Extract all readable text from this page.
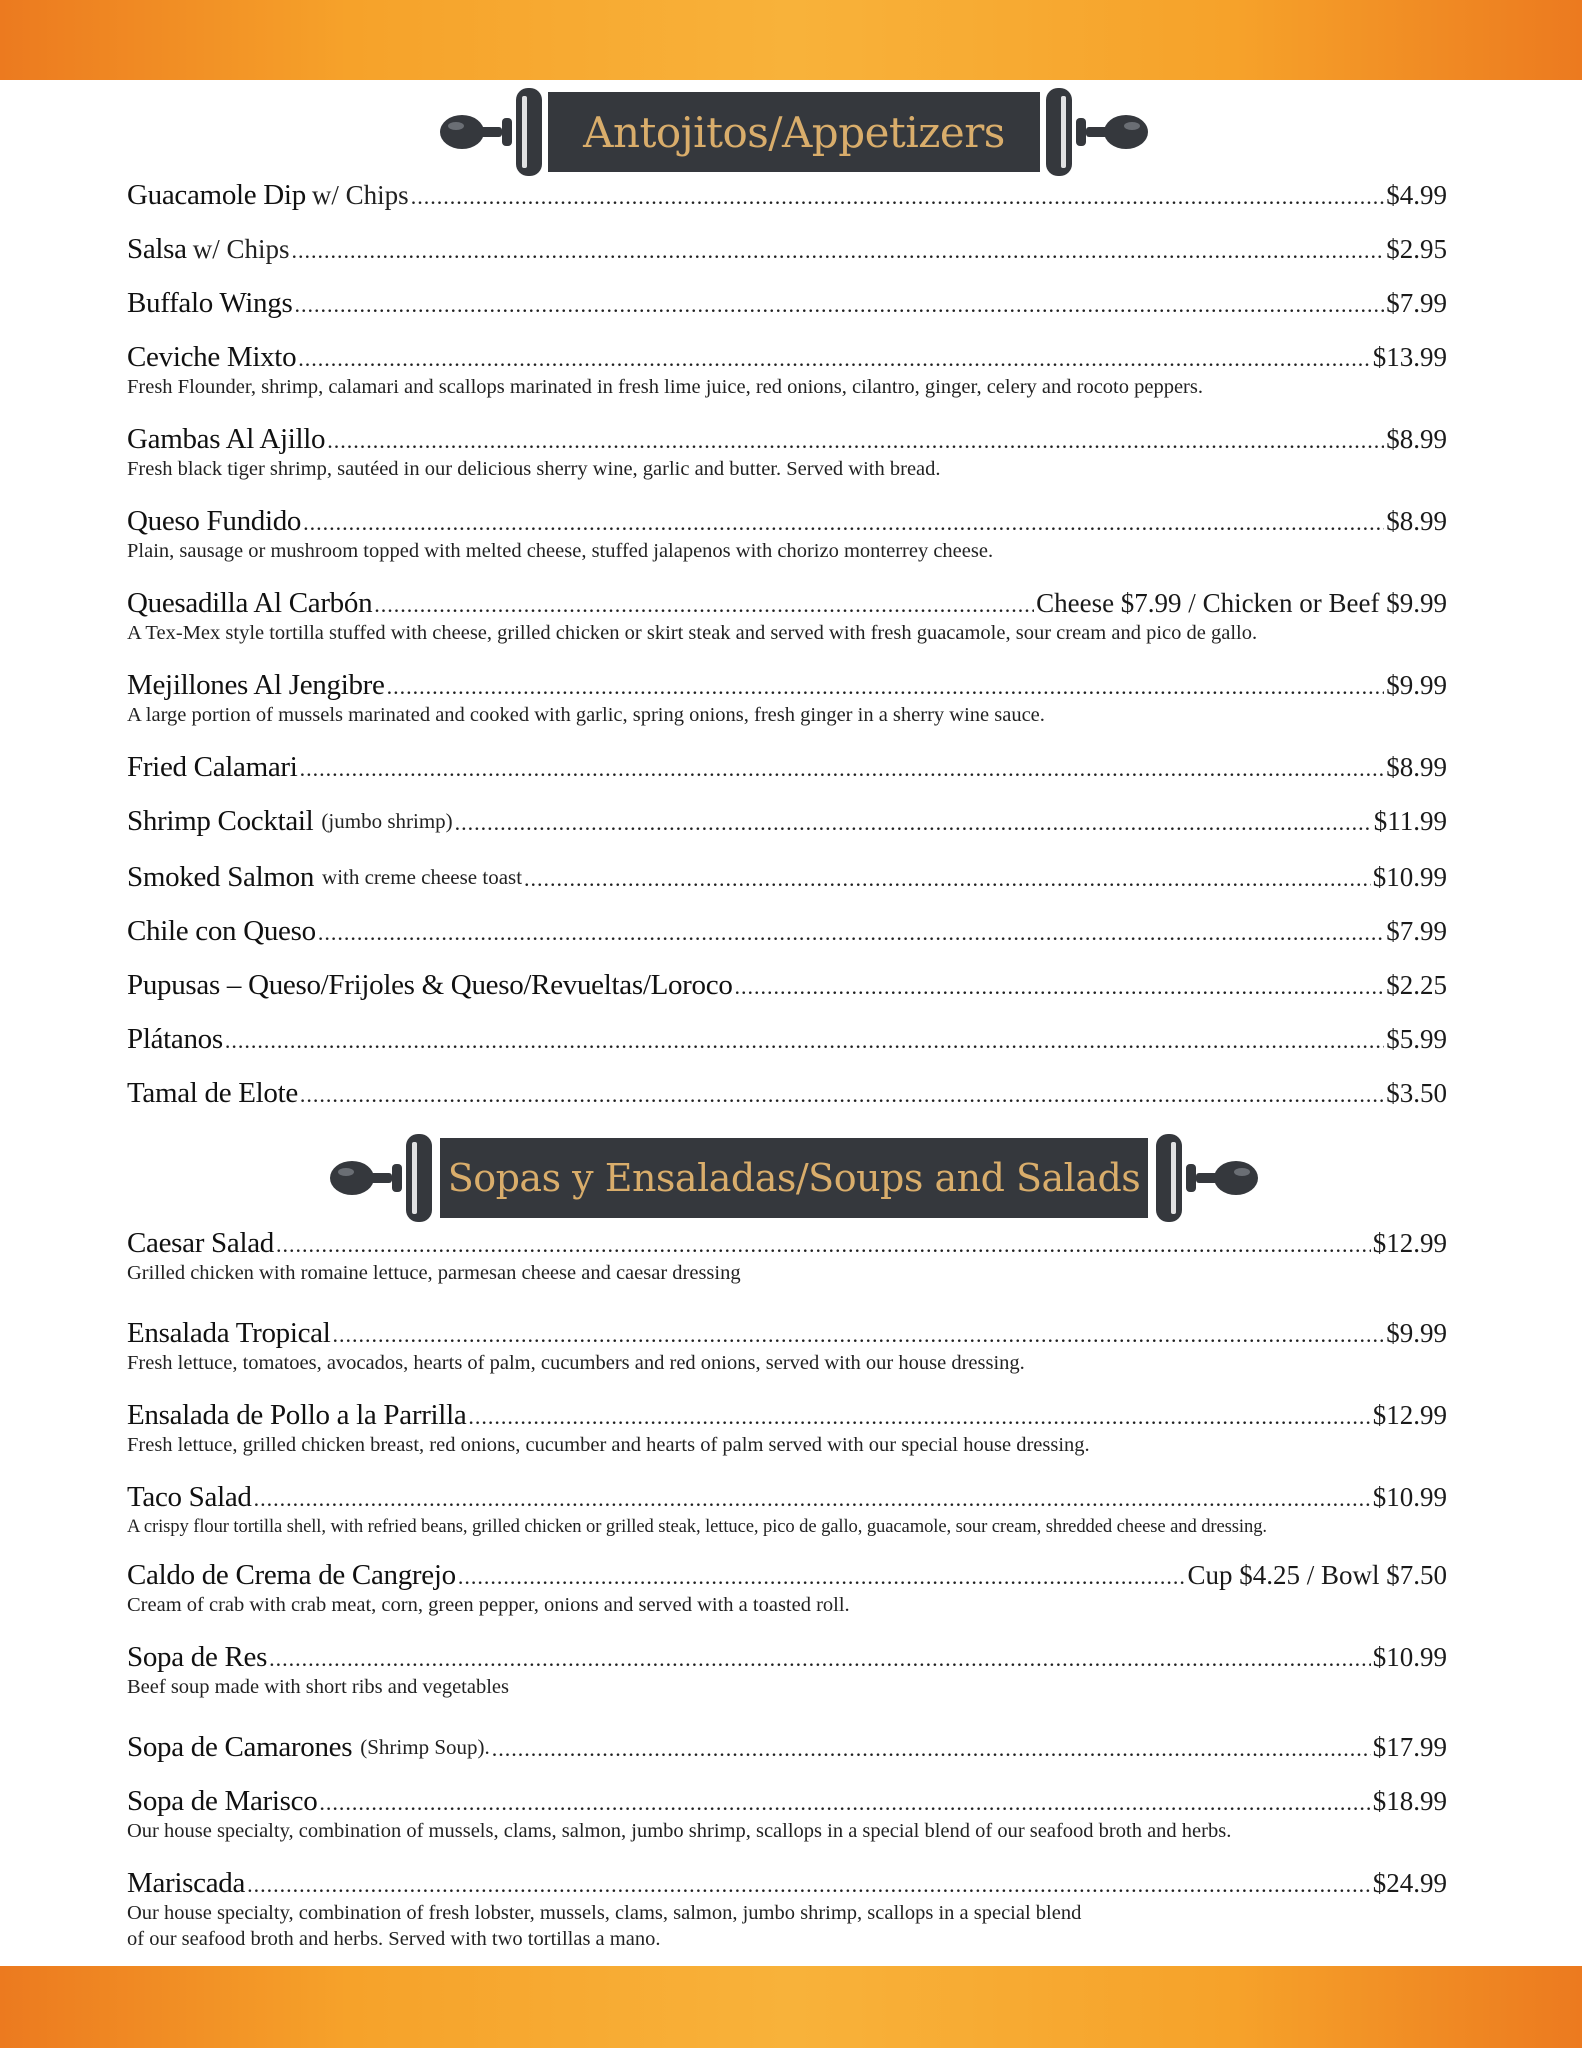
Antojitos/Appetizers
Guacamole Dip w/ Chips .....	$4.99
Salsa w/ Chips .....	$2.95
Buffalo Wings .....	$7.99
Ceviche Mixto .....	$13.99
Fresh Flounder, shrimp, calamari and scallops marinated in fresh lime juice, red onions, cilantro, ginger, celery and rocoto peppers.
Gambas Al Ajillo .....	$8.99
Fresh black tiger shrimp, sautéed in our delicious sherry wine, garlic and butter. Served with bread.
Queso Fundido .....	$8.99
Plain, sausage or mushroom topped with melted cheese, stuffed jalapenos with chorizo monterrey cheese.
Quesadilla Al Carbón .....	Cheese $7.99 / Chicken or Beef $9.99
A Tex-Mex style tortilla stuffed with cheese, grilled chicken or skirt steak and served with fresh guacamole, sour cream and pico de gallo.
Mejillones Al Jengibre .....	$9.99
A large portion of mussels marinated and cooked with garlic, spring onions, fresh ginger in a sherry wine sauce.
Fried Calamari .....	$8.99
Shrimp Cocktail (jumbo shrimp) .....	$11.99
Smoked Salmon with creme cheese toast .....	$10.99
Chile con Queso .....	$7.99
Pupusas – Queso/Frijoles & Queso/Revueltas/Loroco .....	$2.25
Plátanos .....	$5.99
Tamal de Elote .....	$3.50
Sopas y Ensaladas/Soups and Salads
Caesar Salad .....	$12.99
Grilled chicken with romaine lettuce, parmesan cheese and caesar dressing
Ensalada Tropical .....	$9.99
Fresh lettuce, tomatoes, avocados, hearts of palm, cucumbers and red onions, served with our house dressing.
Ensalada de Pollo a la Parrilla .....	$12.99
Fresh lettuce, grilled chicken breast, red onions, cucumber and hearts of palm served with our special house dressing.
Taco Salad .....	$10.99
A crispy flour tortilla shell, with refried beans, grilled chicken or grilled steak, lettuce, pico de gallo, guacamole, sour cream, shredded cheese and dressing.
Caldo de Crema de Cangrejo .....	Cup $4.25 / Bowl $7.50
Cream of crab with crab meat, corn, green pepper, onions and served with a toasted roll.
Sopa de Res .....	$10.99
Beef soup made with short ribs and vegetables
Sopa de Camarones (Shrimp Soup). .....	$17.99
Sopa de Marisco .....	$18.99
Our house specialty, combination of mussels, clams, salmon, jumbo shrimp, scallops in a special blend of our seafood broth and herbs.
Mariscada .....	$24.99
Our house specialty, combination of fresh lobster, mussels, clams, salmon, jumbo shrimp, scallops in a special blend
of our seafood broth and herbs. Served with two tortillas a mano.
